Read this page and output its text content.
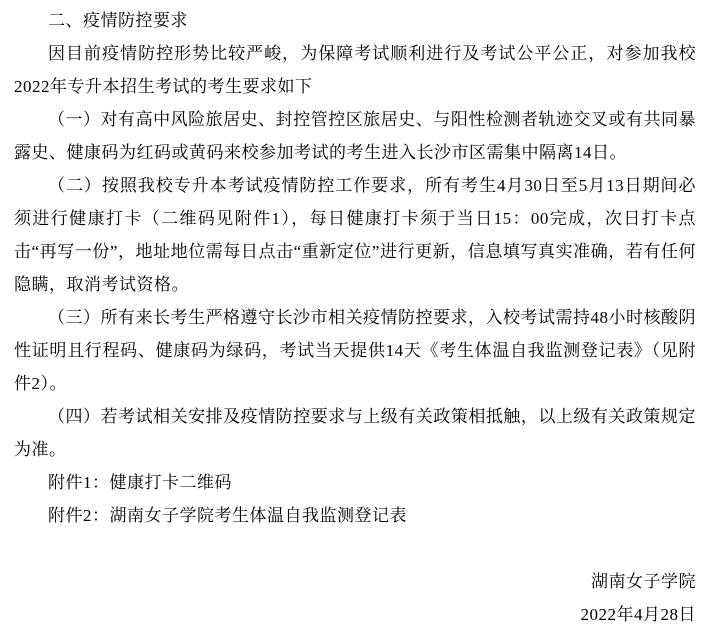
二、疫情防控要求

因目前疫情防控形势比较严峻，为保障考试顺利进行及考试公平公正，对参加我校2022年专升本招生考试的考生要求如下

（一）对有高中风险旅居史、封控管控区旅居史、与阳性检测者轨迹交叉或有共同暴露史、健康码为红码或黄码来校参加考试的考生进入长沙市区需集中隔离14日。

（二）按照我校专升本考试疫情防控工作要求，所有考生4月30日至5月13日期间必须进行健康打卡（二维码见附件1），每日健康打卡须于当日15：00完成，次日打卡点击“再写一份”，地址地位需每日点击“重新定位”进行更新，信息填写真实准确，若有任何隐瞒，取消考试资格。

（三）所有来长考生严格遵守长沙市相关疫情防控要求，入校考试需持48小时核酸阴性证明且行程码、健康码为绿码，考试当天提供14天《考生体温自我监测登记表》（见附件2）。

（四）若考试相关安排及疫情防控要求与上级有关政策相抵触，以上级有关政策规定为准。

附件1：健康打卡二维码

附件2：湖南女子学院考生体温自我监测登记表

湖南女子学院

2022年4月28日
